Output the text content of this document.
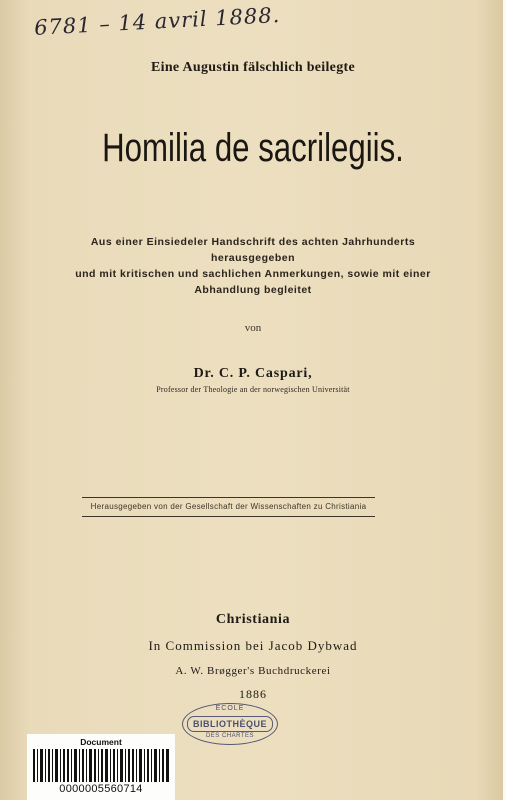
6781 – 14 avril 1888.
Eine Augustin fälschlich beilegte
Homilia de sacrilegiis.
Aus einer Einsiedeler Handschrift des achten Jahrhunderts herausgegeben
und mit kritischen und sachlichen Anmerkungen, sowie mit einer
Abhandlung begleitet
von
Dr. C. P. Caspari,
Professor der Theologie an der norwegischen Universität
Herausgegeben von der Gesellschaft der Wissenschaften zu Christiania
Christiania
In Commission bei Jacob Dybwad
A. W. Brøgger's Buchdruckerei
1886
ÉCOLE
BIBLIOTHÈQUE
DES CHARTES
Document
0000005560714
